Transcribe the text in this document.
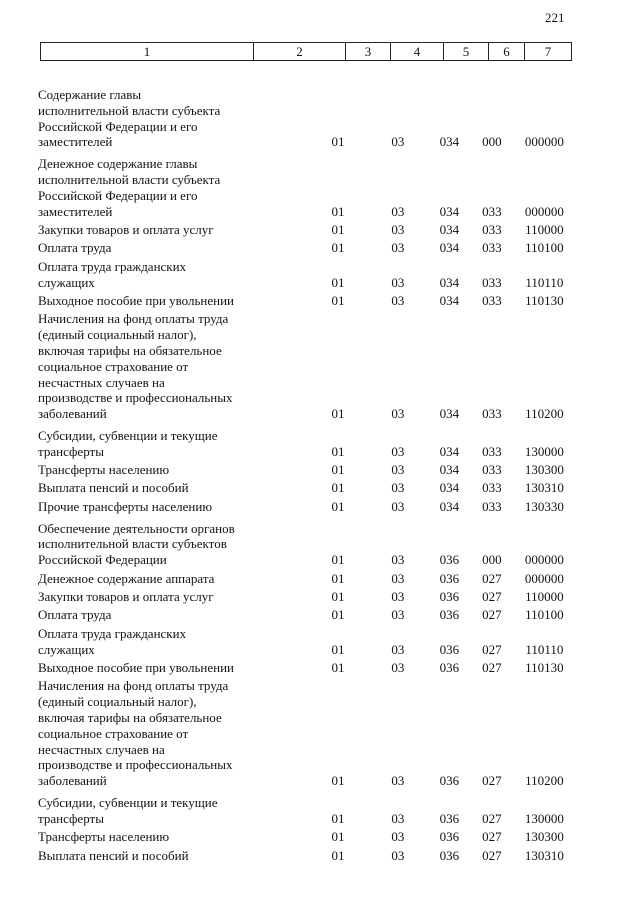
221
1	2	3	4	5	6	7
Содержание главы
исполнительной власти субъекта
Российской Федерации и его
заместителей	01	03	034	000	000000
Денежное содержание главы
исполнительной власти субъекта
Российской Федерации и его
заместителей	01	03	034	033	000000
Закупки товаров и оплата услуг	01	03	034	033	110000
Оплата труда	01	03	034	033	110100
Оплата труда гражданских
служащих	01	03	034	033	110110
Выходное пособие при увольнении	01	03	034	033	110130
Начисления на фонд оплаты труда
(единый социальный налог),
включая тарифы на обязательное
социальное страхование от
несчастных случаев на
производстве и профессиональных
заболеваний	01	03	034	033	110200
Субсидии, субвенции и текущие
трансферты	01	03	034	033	130000
Трансферты населению	01	03	034	033	130300
Выплата пенсий и пособий	01	03	034	033	130310
Прочие трансферты населению	01	03	034	033	130330
Обеспечение деятельности органов
исполнительной власти субъектов
Российской Федерации	01	03	036	000	000000
Денежное содержание аппарата	01	03	036	027	000000
Закупки товаров и оплата услуг	01	03	036	027	110000
Оплата труда	01	03	036	027	110100
Оплата труда гражданских
служащих	01	03	036	027	110110
Выходное пособие при увольнении	01	03	036	027	110130
Начисления на фонд оплаты труда
(единый социальный налог),
включая тарифы на обязательное
социальное страхование от
несчастных случаев на
производстве и профессиональных
заболеваний	01	03	036	027	110200
Субсидии, субвенции и текущие
трансферты	01	03	036	027	130000
Трансферты населению	01	03	036	027	130300
Выплата пенсий и пособий	01	03	036	027	130310
